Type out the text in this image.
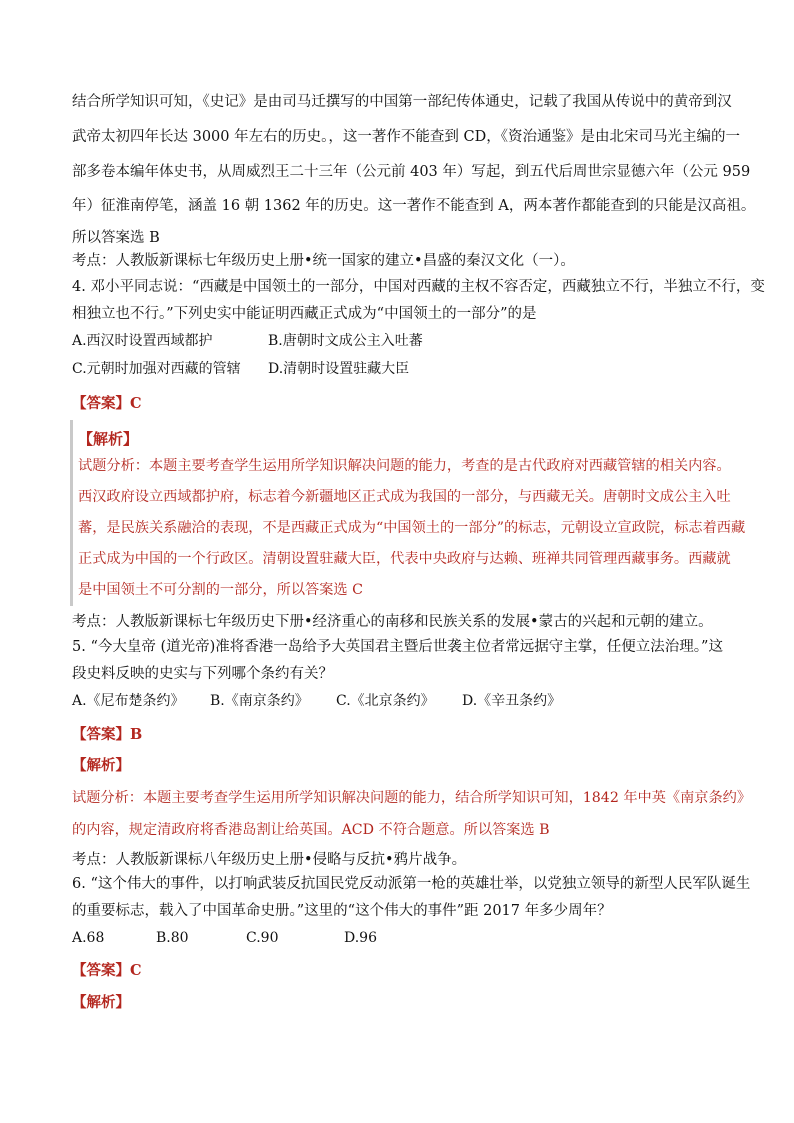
结合所学知识可知，《史记》是由司马迁撰写的中国第一部纪传体通史，记载了我国从传说中的黄帝到汉
武帝太初四年长达 3000 年左右的历史。，这一著作不能查到 CD，《资治通鉴》是由北宋司马光主编的一
部多卷本编年体史书，从周威烈王二十三年（公元前 403 年）写起，到五代后周世宗显德六年（公元 959
年）征淮南停笔，涵盖 16 朝 1362 年的历史。这一著作不能查到 A，两本著作都能查到的只能是汉高祖。
所以答案选 B
考点：人教版新课标七年级历史上册•统一国家的建立•昌盛的秦汉文化（一）。
4. 邓小平同志说：“西藏是中国领土的一部分，中国对西藏的主权不容否定，西藏独立不行，半独立不行，变
相独立也不行。”下列史实中能证明西藏正式成为“中国领土的一部分”的是
A.西汉时设置西域都护	B.唐朝时文成公主入吐蕃
C.元朝时加强对西藏的管辖 D.清朝时设置驻藏大臣
【答案】C
【解析】
试题分析：本题主要考查学生运用所学知识解决问题的能力，考查的是古代政府对西藏管辖的相关内容。
西汉政府设立西域都护府，标志着今新疆地区正式成为我国的一部分，与西藏无关。唐朝时文成公主入吐
蕃，是民族关系融洽的表现，不是西藏正式成为“中国领土的一部分”的标志，元朝设立宣政院，标志着西藏
正式成为中国的一个行政区。清朝设置驻藏大臣，代表中央政府与达赖、班禅共同管理西藏事务。西藏就
是中国领土不可分割的一部分，所以答案选 C
考点：人教版新课标七年级历史下册•经济重心的南移和民族关系的发展•蒙古的兴起和元朝的建立。
5. “今大皇帝 (道光帝)准将香港一岛给予大英国君主暨后世袭主位者常远据守主掌，任便立法治理。”这
段史料反映的史实与下列哪个条约有关？
A.《尼布楚条约》 B.《南京条约》 C.《北京条约》 D.《辛丑条约》
【答案】B
【解析】
试题分析：本题主要考查学生运用所学知识解决问题的能力，结合所学知识可知，1842 年中英《南京条约》
的内容，规定清政府将香港岛割让给英国。ACD 不符合题意。所以答案选 B
考点：人教版新课标八年级历史上册•侵略与反抗•鸦片战争。
6. “这个伟大的事件，以打响武装反抗国民党反动派第一枪的英雄壮举，以党独立领导的新型人民军队诞生
的重要标志，载入了中国革命史册。”这里的“这个伟大的事件”距 2017 年多少周年？
A.68	B.80	C.90	D.96
【答案】C
【解析】
